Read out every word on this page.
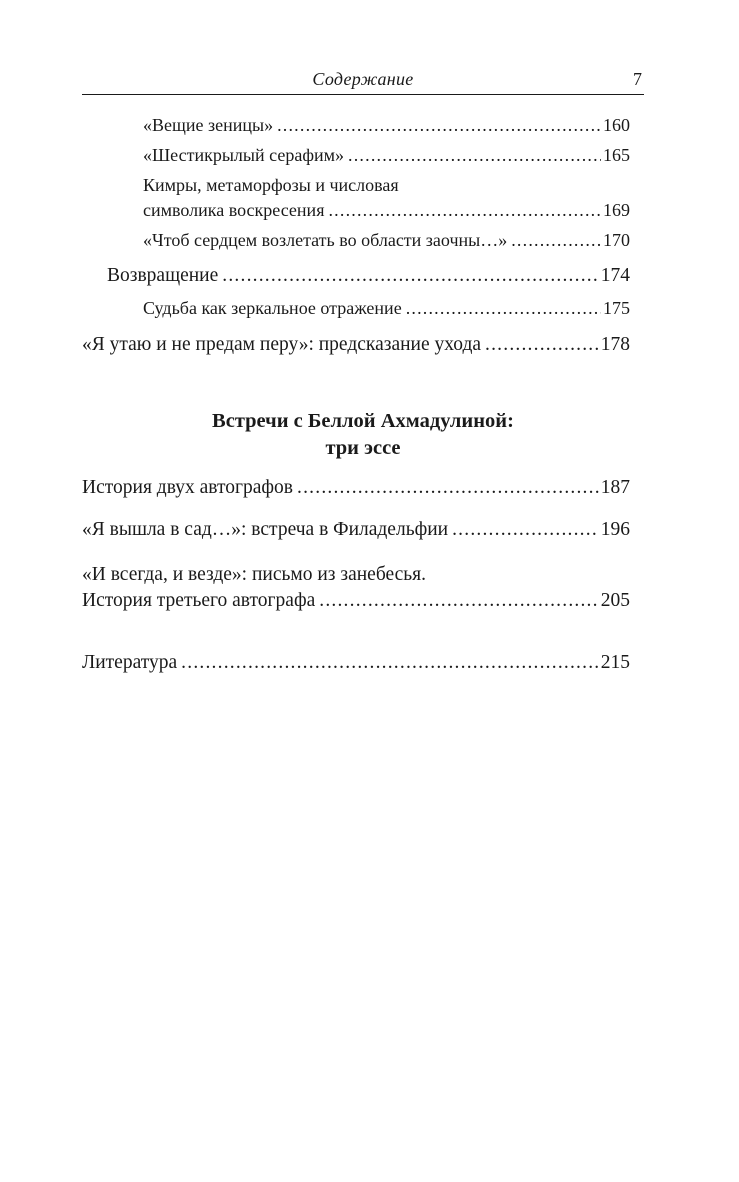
Содержание	7
«Вещие зеницы» .....	160
«Шестикрылый серафим» .....	165
Кимры, метаморфозы и числовая
символика воскресения .....	169
«Чтоб сердцем возлетать во области заочны…» .....	170
Возвращение .....	174
Судьба как зеркальное отражение .....	175
«Я утаю и не предам перу»: предсказание ухода .....	178
Встречи с Беллой Ахмадулиной:
три эссе
История двух автографов .....	187
«Я вышла в сад…»: встреча в Филадельфии .....	196
«И всегда, и везде»: письмо из занебесья.
История третьего автографа .....	205
Литература .....	215
